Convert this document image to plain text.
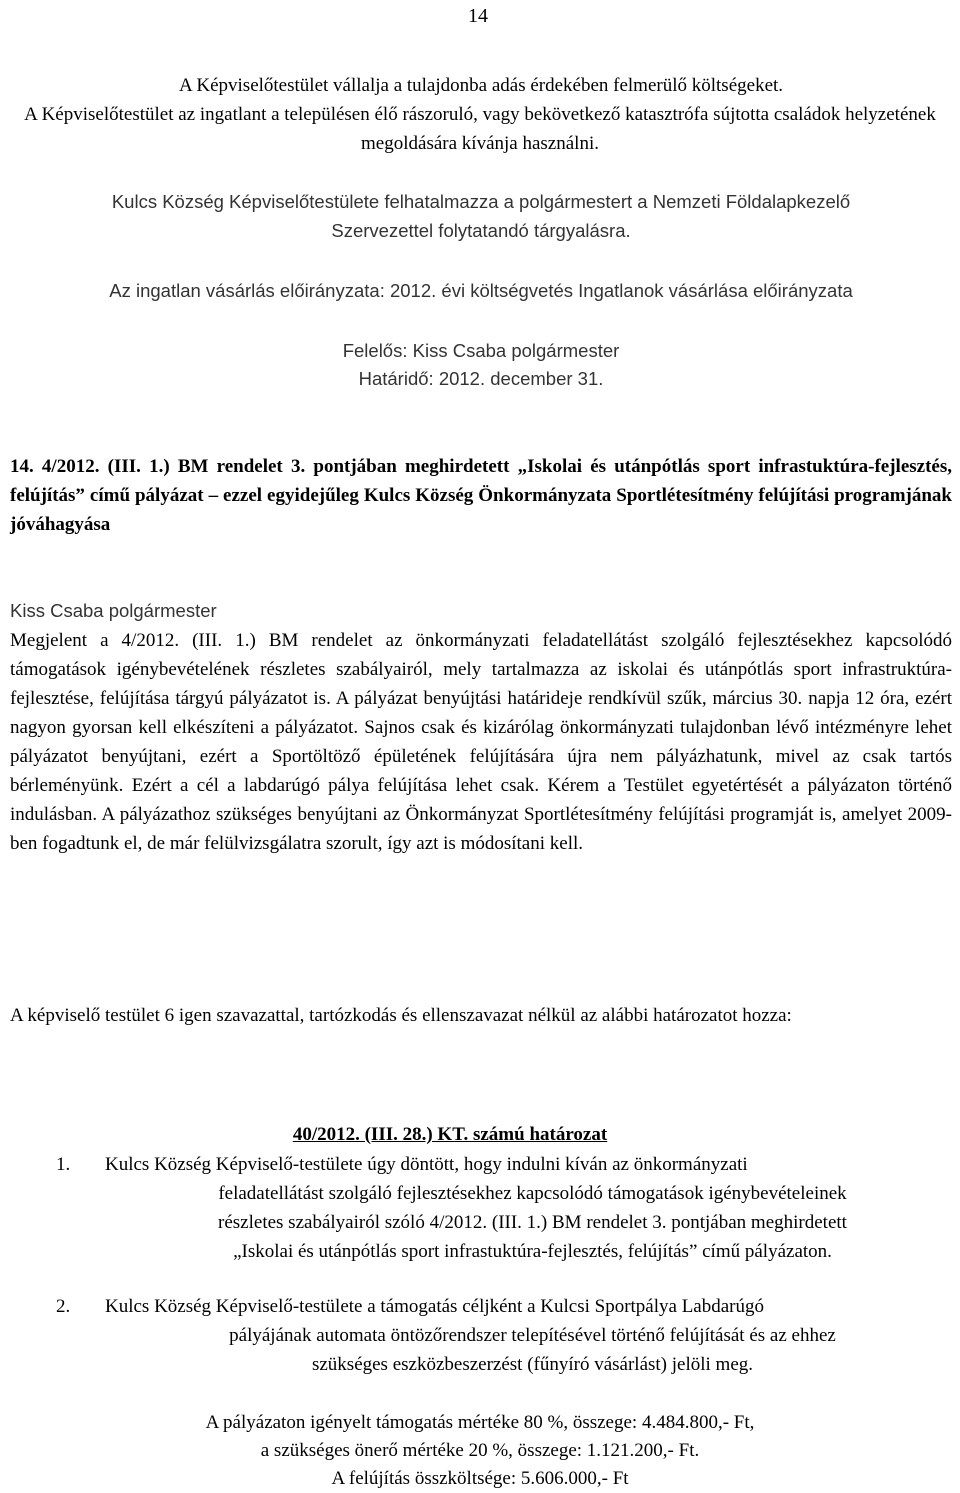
14

A Képviselőtestület vállalja a tulajdonba adás érdekében felmerülő költségeket.

A Képviselőtestület az ingatlant a településen élő rászoruló, vagy bekövetkező katasztrófa sújtotta családok helyzetének megoldására kívánja használni.

Kulcs Község Képviselőtestülete felhatalmazza a polgármestert a Nemzeti Földalapkezelő

Szervezettel folytatandó tárgyalásra.

Az ingatlan vásárlás előirányzata: 2012. évi költségvetés Ingatlanok vásárlása előirányzata

Felelős: Kiss Csaba polgármester

Határidő: 2012. december 31.

14. 4/2012. (III. 1.) BM rendelet 3. pontjában meghirdetett „Iskolai és utánpótlás sport infrastuktúra-fejlesztés, felújítás” című pályázat – ezzel egyidejűleg Kulcs Község Önkormányzata Sportlétesítmény felújítási programjának jóváhagyása

Kiss Csaba polgármester

Megjelent a 4/2012. (III. 1.) BM rendelet az önkormányzati feladatellátást szolgáló fejlesztésekhez kapcsolódó támogatások igénybevételének részletes szabályairól, mely tartalmazza az iskolai és utánpótlás sport infrastruktúra-fejlesztése, felújítása tárgyú pályázatot is. A pályázat benyújtási határideje rendkívül szűk, március 30. napja 12 óra, ezért nagyon gyorsan kell elkészíteni a pályázatot. Sajnos csak és kizárólag önkormányzati tulajdonban lévő intézményre lehet pályázatot benyújtani, ezért a Sportöltöző épületének felújítására újra nem pályázhatunk, mivel az csak tartós bérleményünk. Ezért a cél a labdarúgó pálya felújítása lehet csak. Kérem a Testület egyetértését a pályázaton történő indulásban. A pályázathoz szükséges benyújtani az Önkormányzat Sportlétesítmény felújítási programját is, amelyet 2009-ben fogadtunk el, de már felülvizsgálatra szorult, így azt is módosítani kell.

A képviselő testület 6 igen szavazattal, tartózkodás és ellenszavazat nélkül az alábbi határozatot hozza:

40/2012. (III. 28.) KT. számú határozat
1. Kulcs Község Képviselő-testülete úgy döntött, hogy indulni kíván az önkormányzati

feladatellátást szolgáló fejlesztésekhez kapcsolódó támogatások igénybevételeinek

részletes szabályairól szóló 4/2012. (III. 1.) BM rendelet 3. pontjában meghirdetett

„Iskolai és utánpótlás sport infrastuktúra-fejlesztés, felújítás” című pályázaton.

2. Kulcs Község Képviselő-testülete a támogatás céljként a Kulcsi Sportpálya Labdarúgó

pályájának automata öntözőrendszer telepítésével történő felújítását és az ehhez

szükséges eszközbeszerzést (fűnyíró vásárlást) jelöli meg.

A pályázaton igényelt támogatás mértéke 80 %, összege: 4.484.800,- Ft,

a szükséges önerő mértéke 20 %, összege: 1.121.200,- Ft.

A felújítás összköltsége: 5.606.000,- Ft
